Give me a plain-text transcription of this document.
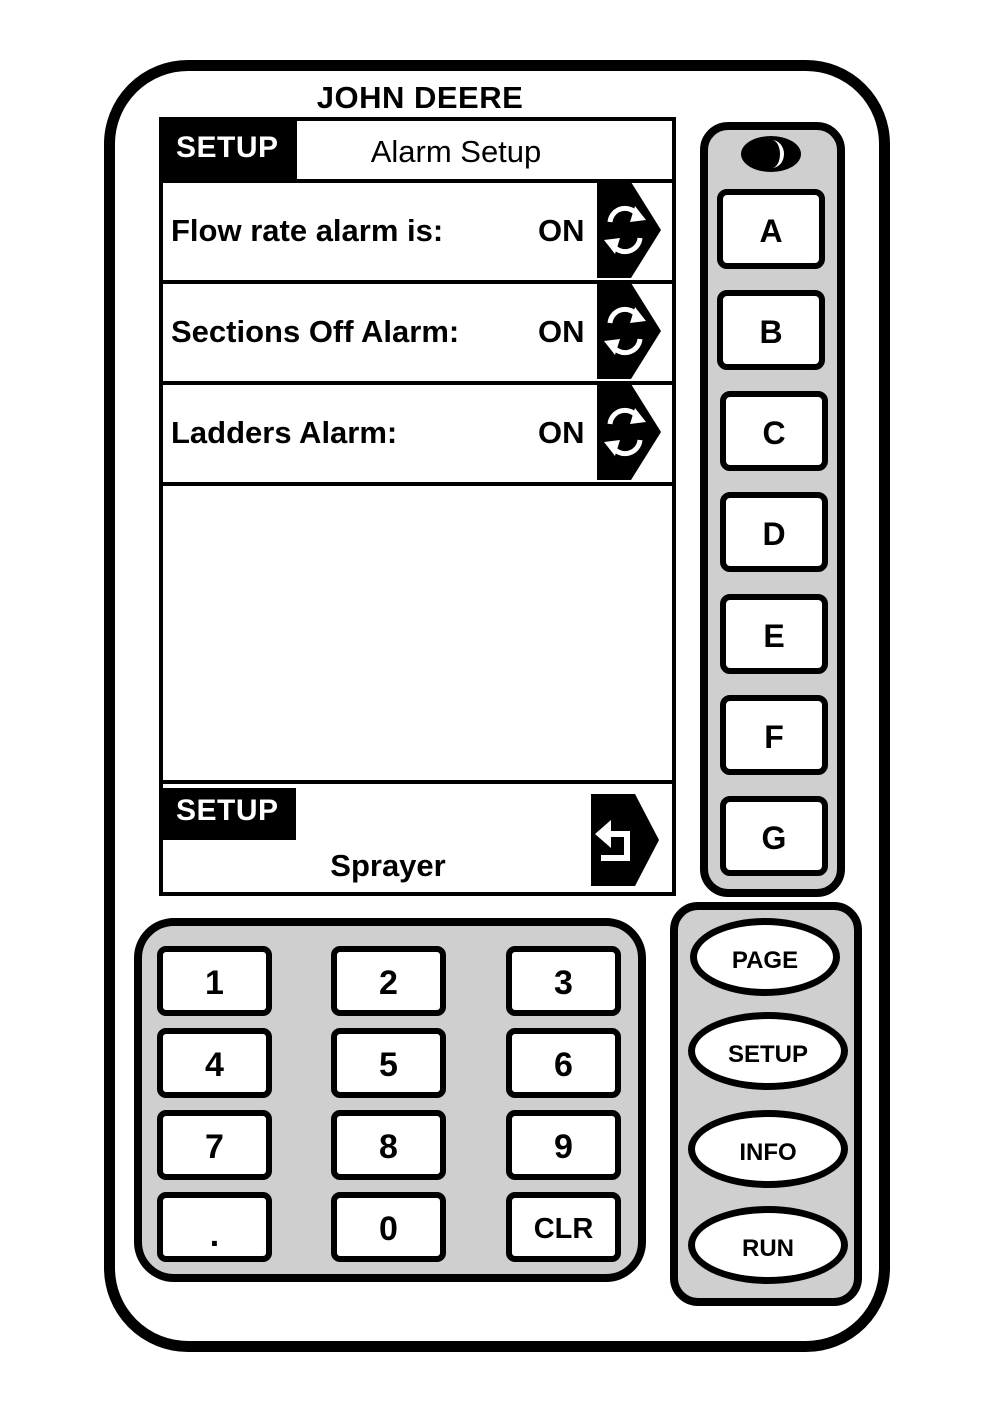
JOHN DEERE
SETUP	Alarm Setup
Flow rate alarm is:	ON
Sections Off Alarm:	ON
Ladders Alarm:	ON
SETUP
Sprayer
A
B
C
D
E
F
G
1	2	3
4	5	6
7	8	9
.	0	CLR
PAGE
SETUP
INFO
RUN
